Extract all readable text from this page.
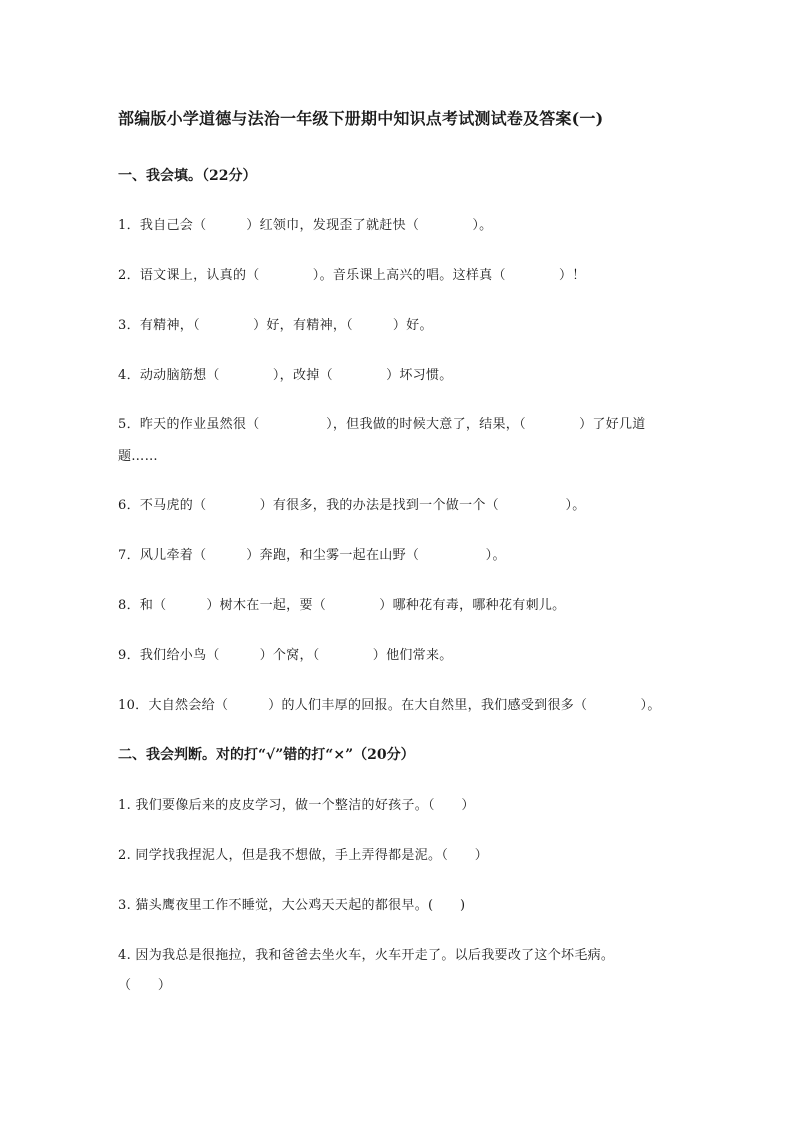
部编版小学道德与法治一年级下册期中知识点考试测试卷及答案(一)
一、我会填。（22分）
1．我自己会（　　　）红领巾，发现歪了就赶快（　　　　）。
2．语文课上，认真的（　　　　）。音乐课上高兴的唱。这样真（　　　　）！
3．有精神，（　　　　）好，有精神，（　　　）好。
4．动动脑筋想（　　　　），改掉（　　　　）坏习惯。
5．昨天的作业虽然很（　　　　　），但我做的时候大意了，结果，（　　　　）了好几道
题……
6．不马虎的（　　　　）有很多，我的办法是找到一个做一个（　　　　　）。
7．风儿牵着（　　　）奔跑，和尘雾一起在山野（　　　　　）。
8．和（　　　）树木在一起，要（　　　　）哪种花有毒，哪种花有刺儿。
9．我们给小鸟（　　　）个窝，（　　　　）他们常来。
10．大自然会给（　　　）的人们丰厚的回报。在大自然里，我们感受到很多（　　　　）。
二、我会判断。对的打“√”错的打“×”（20分）
1. 我们要像后来的皮皮学习，做一个整洁的好孩子。（　　）
2. 同学找我捏泥人，但是我不想做，手上弄得都是泥。（　　）
3. 猫头鹰夜里工作不睡觉，大公鸡天天起的都很早。(　　)
4. 因为我总是很拖拉，我和爸爸去坐火车，火车开走了。以后我要改了这个坏毛病。
（　　）
